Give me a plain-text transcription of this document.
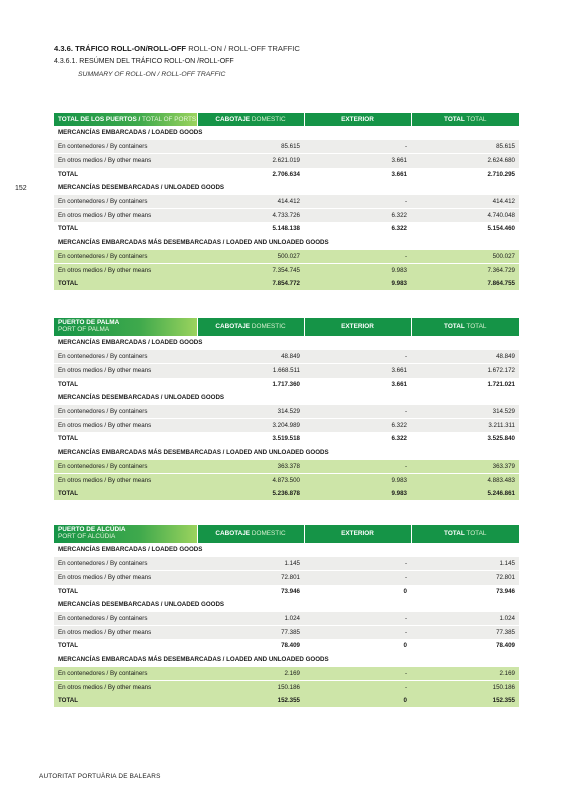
4.3.6. TRÁFICO ROLL-ON/ROLL-OFF ROLL-ON / ROLL-OFF TRAFFIC
4.3.6.1. RESÚMEN DEL TRÁFICO ROLL-ON /ROLL-OFF
SUMMARY OF ROLL-ON / ROLL-OFF TRAFFIC
152
TOTAL DE LOS PUERTOS / TOTAL OF PORTS	CABOTAJE DOMESTIC	EXTERIOR	TOTAL TOTAL
MERCANCÍAS EMBARCADAS / LOADED GOODS			
En contenedores / By containers	85.615	-	85.615
En otros medios / By other means	2.621.019	3.661	2.624.680
TOTAL	2.706.634	3.661	2.710.295
MERCANCÍAS DESEMBARCADAS / UNLOADED GOODS			
En contenedores / By containers	414.412	-	414.412
En otros medios / By other means	4.733.726	6.322	4.740.048
TOTAL	5.148.138	6.322	5.154.460
MERCANCÍAS EMBARCADAS MÁS DESEMBARCADAS / LOADED AND UNLOADED GOODS			
En contenedores / By containers	500.027	-	500.027
En otros medios / By other means	7.354.745	9.983	7.364.729
TOTAL	7.854.772	9.983	7.864.755
PUERTO DE PALMA
PORT OF PALMA	CABOTAJE DOMESTIC	EXTERIOR	TOTAL TOTAL
MERCANCÍAS EMBARCADAS / LOADED GOODS			
En contenedores / By containers	48.849	-	48.849
En otros medios / By other means	1.668.511	3.661	1.672.172
TOTAL	1.717.360	3.661	1.721.021
MERCANCÍAS DESEMBARCADAS / UNLOADED GOODS			
En contenedores / By containers	314.529	-	314.529
En otros medios / By other means	3.204.989	6.322	3.211.311
TOTAL	3.519.518	6.322	3.525.840
MERCANCÍAS EMBARCADAS MÁS DESEMBARCADAS / LOADED AND UNLOADED GOODS			
En contenedores / By containers	363.378	-	363.379
En otros medios / By other means	4.873.500	9.983	4.883.483
TOTAL	5.236.878	9.983	5.246.861
PUERTO DE ALCÚDIA
PORT OF ALCÚDIA	CABOTAJE DOMESTIC	EXTERIOR	TOTAL TOTAL
MERCANCÍAS EMBARCADAS / LOADED GOODS			
En contenedores / By containers	1.145	-	1.145
En otros medios / By other means	72.801	-	72.801
TOTAL	73.946	0	73.946
MERCANCÍAS DESEMBARCADAS / UNLOADED GOODS			
En contenedores / By containers	1.024	-	1.024
En otros medios / By other means	77.385	-	77.385
TOTAL	78.409	0	78.409
MERCANCÍAS EMBARCADAS MÁS DESEMBARCADAS / LOADED AND UNLOADED GOODS			
En contenedores / By containers	2.169	-	2.169
En otros medios / By other means	150.186	-	150.186
TOTAL	152.355	0	152.355
AUTORITAT PORTUÀRIA DE BALEARS
